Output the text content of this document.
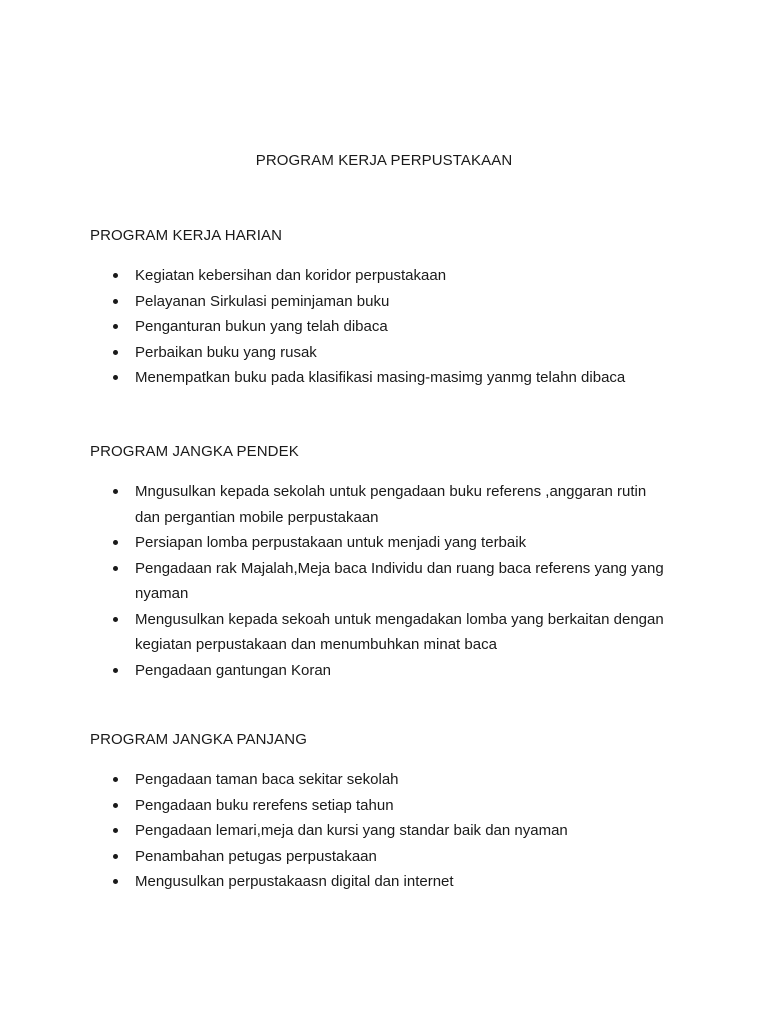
PROGRAM KERJA PERPUSTAKAAN
PROGRAM KERJA HARIAN
Kegiatan kebersihan dan koridor perpustakaan
Pelayanan Sirkulasi peminjaman buku
Penganturan bukun yang telah dibaca
Perbaikan buku yang rusak
Menempatkan buku pada klasifikasi masing-masimg yanmg telahn dibaca
PROGRAM JANGKA PENDEK
Mngusulkan kepada sekolah untuk pengadaan buku referens ,anggaran rutin dan pergantian mobile perpustakaan
Persiapan lomba perpustakaan untuk menjadi yang terbaik
Pengadaan rak Majalah,Meja baca Individu dan ruang baca referens yang yang nyaman
Mengusulkan kepada sekoah untuk mengadakan lomba yang berkaitan dengan kegiatan perpustakaan dan menumbuhkan minat baca
Pengadaan gantungan Koran
PROGRAM JANGKA PANJANG
Pengadaan taman baca sekitar sekolah
Pengadaan buku rerefens setiap tahun
Pengadaan lemari,meja dan kursi yang standar baik dan nyaman
Penambahan petugas perpustakaan
Mengusulkan perpustakaasn digital dan internet
